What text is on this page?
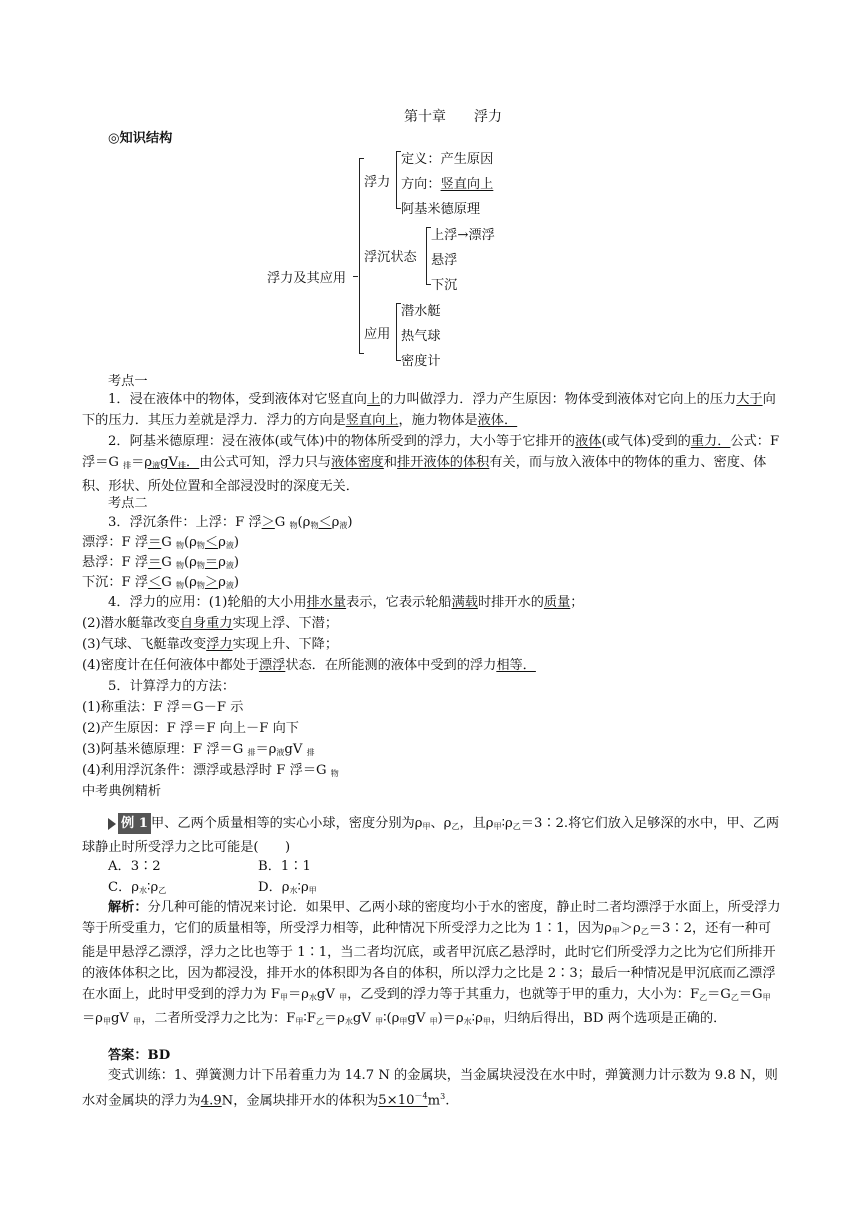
第十章　　浮力
◎知识结构
浮力及其应用
浮力
定义：产生原因
方向：竖直向上
阿基米德原理
浮沉状态
上浮→漂浮
悬浮
下沉
应用
潜水艇
热气球
密度计
考点一
1．浸在液体中的物体，受到液体对它竖直向上的力叫做浮力．浮力产生原因：物体受到液体对它向上的压力大于向下的压力．其压力差就是浮力．浮力的方向是竖直向上，施力物体是液体．
2．阿基米德原理：浸在液体(或气体)中的物体所受到的浮力，大小等于它排开的液体(或气体)受到的重力．公式：F 浮＝G $_排=\rho_液gV_排$．由公式可知，浮力只与液体密度和排开液体的体积有关，而与放入液体中的物体的重力、密度、体积、形状、所处位置和全部浸没时的深度无关．
考点二
3．浮沉条件：上浮：F 浮＞G $_物(\rho_物<\rho_液)$
漂浮：F 浮＝G $_物(\rho_物<\rho_液)$
悬浮：F 浮＝G $_物(\rho_物=\rho_液)$
下沉：F 浮＜G $_物(\rho_物>\rho_液)$
4．浮力的应用：(1)轮船的大小用排水量表示，它表示轮船满载时排开水的质量；
(2)潜水艇靠改变自身重力实现上浮、下潜；
(3)气球、飞艇靠改变浮力实现上升、下降；
(4)密度计在任何液体中都处于漂浮状态．在所能测的液体中受到的浮力相等．
5．计算浮力的方法：
(1)称重法：F 浮＝G－F 示
(2)产生原因：F 浮＝F 向上－F 向下
(3)阿基米德原理：F 浮＝G $_排=\rho_液gV$ $_排$
(4)利用浮沉条件：漂浮或悬浮时 F 浮＝G $_物$
中考典例精析
例 1 甲、乙两个质量相等的实心小球，密度分别为$\rho_甲$、$\rho_乙$，且$\rho_甲∶\rho_乙=3∶2$.将它们放入足够深的水中，甲、乙两球静止时所受浮力之比可能是(　　)
A．3∶2	B．1∶1
C．$\rho_水∶\rho_乙$	D．$\rho_水∶\rho_甲$
解析：分几种可能的情况来讨论．如果甲、乙两小球的密度均小于水的密度，静止时二者均漂浮于水面上，所受浮力等于所受重力，它们的质量相等，所受浮力相等，此种情况下所受浮力之比为 1∶1，因为$\rho_甲>\rho_乙=3∶2$，还有一种可能是甲悬浮乙漂浮，浮力之比也等于 1∶1，当二者均沉底，或者甲沉底乙悬浮时，此时它们所受浮力之比为它们所排开的液体体积之比，因为都浸没，排开水的体积即为各自的体积，所以浮力之比是 2∶3；最后一种情况是甲沉底而乙漂浮在水面上，此时甲受到的浮力为 $F_甲=\rho_水gV$ $_甲$，乙受到的浮力等于其重力，也就等于甲的重力，大小为：$F_乙=G_乙=G_甲=\rho_甲gV$ $_甲$，二者所受浮力之比为：$F_甲∶F_乙=\rho_水gV$ $_甲∶(\rho_甲gV$ $_甲)=\rho_水∶\rho_甲$，归纳后得出，BD 两个选项是正确的．
答案：BD
变式训练：1、弹簧测力计下吊着重力为 14.7 N 的金属块，当金属块浸没在水中时，弹簧测力计示数为 9.8 N，则水对金属块的浮力为4.9N，金属块排开水的体积为$5\times 10^{-4}m^3$.
